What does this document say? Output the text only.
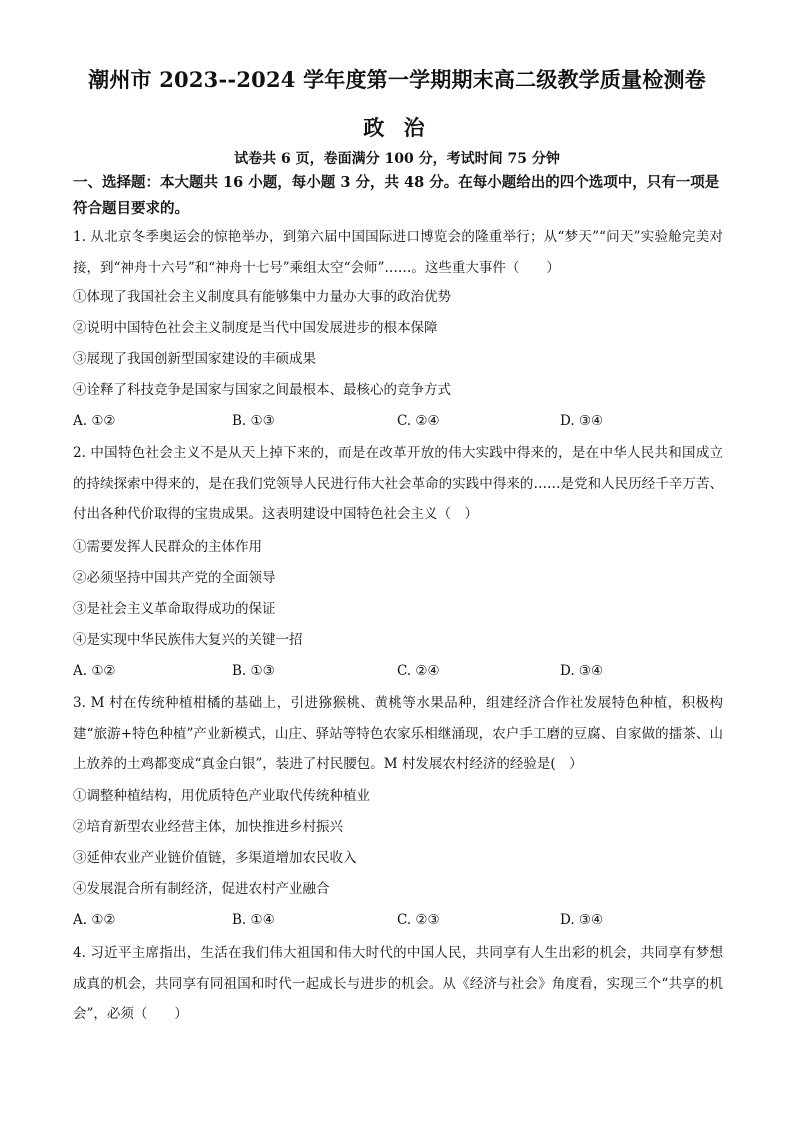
潮州市 2023--2024 学年度第一学期期末高二级教学质量检测卷
政 治
试卷共 6 页，卷面满分 100 分，考试时间 75 分钟
一、选择题：本大题共 16 小题，每小题 3 分，共 48 分。在每小题给出的四个选项中，只有一项是符合题目要求的。
1. 从北京冬季奥运会的惊艳举办，到第六届中国国际进口博览会的隆重举行；从“梦天”“问天”实验舱完美对接，到“神舟十六号”和“神舟十七号”乘组太空“会师”……。这些重大事件（　　）
①体现了我国社会主义制度具有能够集中力量办大事的政治优势
②说明中国特色社会主义制度是当代中国发展进步的根本保障
③展现了我国创新型国家建设的丰硕成果
④诠释了科技竞争是国家与国家之间最根本、最核心的竞争方式
A. ①②	B. ①③	C. ②④	D. ③④
2. 中国特色社会主义不是从天上掉下来的，而是在改革开放的伟大实践中得来的，是在中华人民共和国成立的持续探索中得来的，是在我们党领导人民进行伟大社会革命的实践中得来的……是党和人民历经千辛万苦、付出各种代价取得的宝贵成果。这表明建设中国特色社会主义（　）
①需要发挥人民群众的主体作用
②必须坚持中国共产党的全面领导
③是社会主义革命取得成功的保证
④是实现中华民族伟大复兴的关键一招
A. ①②	B. ①③	C. ②④	D. ③④
3. M 村在传统种植柑橘的基础上，引进猕猴桃、黄桃等水果品种，组建经济合作社发展特色种植，积极构建“旅游+特色种植”产业新模式，山庄、驿站等特色农家乐相继涌现，农户手工磨的豆腐、自家做的擂茶、山上放养的土鸡都变成“真金白银”，装进了村民腰包。M 村发展农村经济的经验是(　）
①调整种植结构，用优质特色产业取代传统种植业
②培育新型农业经营主体，加快推进乡村振兴
③延伸农业产业链价值链，多渠道增加农民收入
④发展混合所有制经济，促进农村产业融合
A. ①②	B. ①④	C. ②③	D. ③④
4. 习近平主席指出，生活在我们伟大祖国和伟大时代的中国人民，共同享有人生出彩的机会，共同享有梦想成真的机会，共同享有同祖国和时代一起成长与进步的机会。从《经济与社会》角度看，实现三个“共享的机会”，必须（　　）
